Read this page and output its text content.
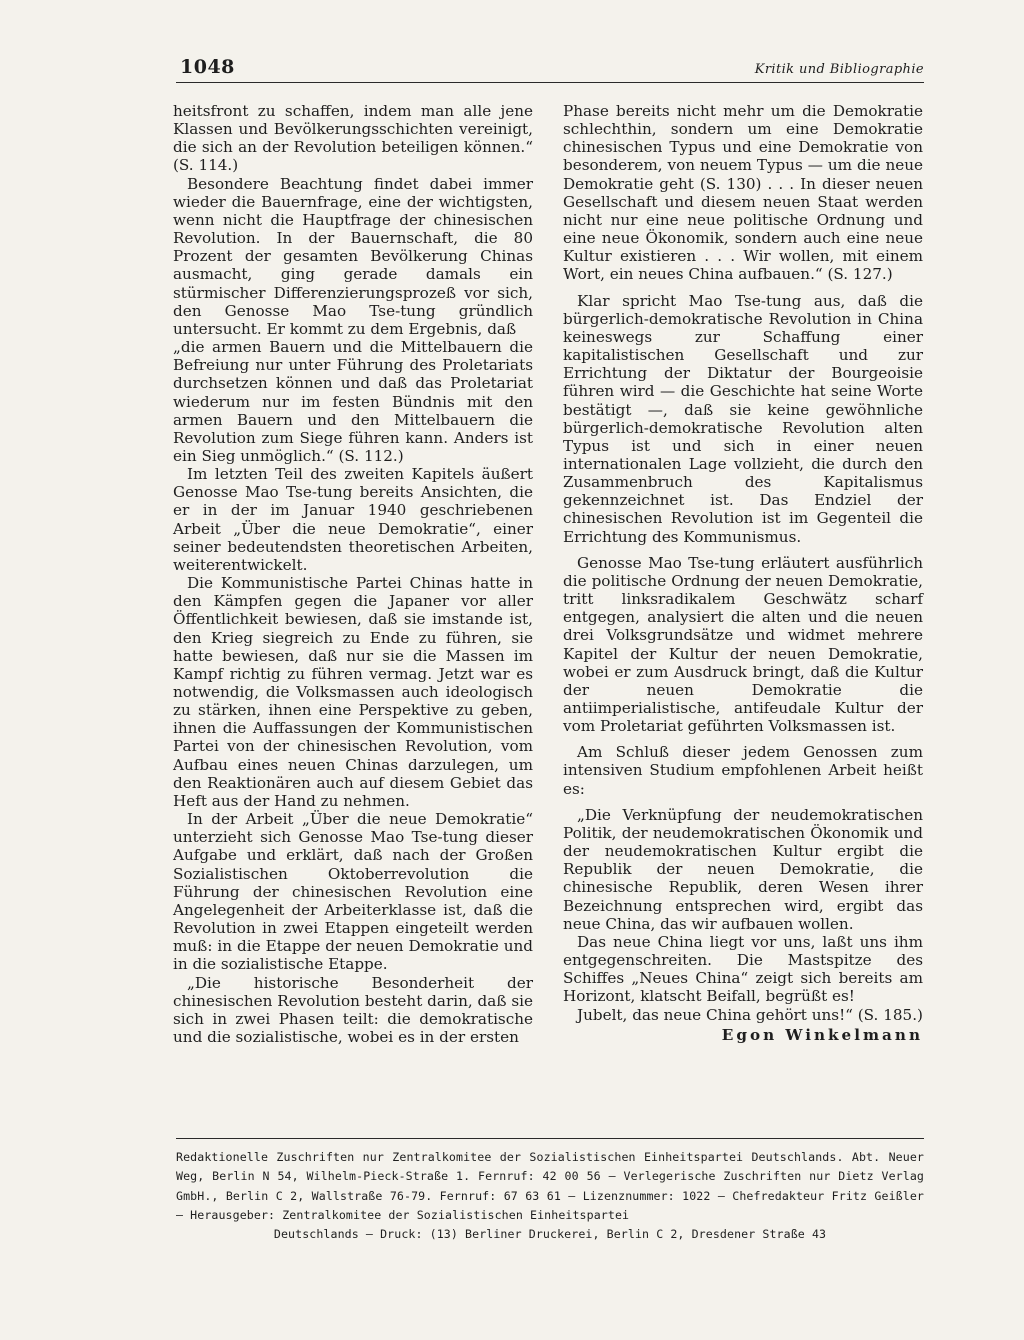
1048	Kritik und Bibliographie

heitsfront zu schaffen, indem man alle jene Klassen und Bevölkerungsschichten vereinigt, die sich an der Revolution beteiligen können.“ (S. 114.)

Besondere Beachtung findet dabei immer wieder die Bauernfrage, eine der wichtigsten, wenn nicht die Hauptfrage der chinesischen Revolution. In der Bauernschaft, die 80 Prozent der gesamten Bevölkerung Chinas ausmacht, ging gerade damals ein stürmischer Differenzierungsprozeß vor sich, den Genosse Mao Tse-tung gründlich untersucht. Er kommt zu dem Ergebnis, daß

„die armen Bauern und die Mittelbauern die Befreiung nur unter Führung des Proletariats durchsetzen können und daß das Proletariat wiederum nur im festen Bündnis mit den armen Bauern und den Mittelbauern die Revolution zum Siege führen kann. Anders ist ein Sieg unmöglich.“ (S. 112.)

Im letzten Teil des zweiten Kapitels äußert Genosse Mao Tse-tung bereits Ansichten, die er in der im Januar 1940 geschriebenen Arbeit „Über die neue Demokratie“, einer seiner bedeutendsten theoretischen Arbeiten, weiterentwickelt.

Die Kommunistische Partei Chinas hatte in den Kämpfen gegen die Japaner vor aller Öffentlichkeit bewiesen, daß sie imstande ist, den Krieg siegreich zu Ende zu führen, sie hatte bewiesen, daß nur sie die Massen im Kampf richtig zu führen vermag. Jetzt war es notwendig, die Volksmassen auch ideologisch zu stärken, ihnen eine Perspektive zu geben, ihnen die Auffassungen der Kommunistischen Partei von der chinesischen Revolution, vom Aufbau eines neuen Chinas darzulegen, um den Reaktionären auch auf diesem Gebiet das Heft aus der Hand zu nehmen.

In der Arbeit „Über die neue Demokratie“ unterzieht sich Genosse Mao Tse-tung dieser Aufgabe und erklärt, daß nach der Großen Sozialistischen Oktoberrevolution die Führung der chinesischen Revolution eine Angelegenheit der Arbeiterklasse ist, daß die Revolution in zwei Etappen eingeteilt werden muß: in die Etappe der neuen Demokratie und in die sozialistische Etappe.

„Die historische Besonderheit der chinesischen Revolution besteht darin, daß sie sich in zwei Phasen teilt: die demokratische und die sozialistische, wobei es in der ersten

Phase bereits nicht mehr um die Demokratie schlechthin, sondern um eine Demokratie chinesischen Typus und eine Demokratie von besonderem, von neuem Typus — um die neue Demokratie geht (S. 130) . . . In dieser neuen Gesellschaft und diesem neuen Staat werden nicht nur eine neue politische Ordnung und eine neue Ökonomik, sondern auch eine neue Kultur existieren . . . Wir wollen, mit einem Wort, ein neues China aufbauen.“ (S. 127.)

Klar spricht Mao Tse-tung aus, daß die bürgerlich-demokratische Revolution in China keineswegs zur Schaffung einer kapitalistischen Gesellschaft und zur Errichtung der Diktatur der Bourgeoisie führen wird — die Geschichte hat seine Worte bestätigt —, daß sie keine gewöhnliche bürgerlich-demokratische Revolution alten Typus ist und sich in einer neuen internationalen Lage vollzieht, die durch den Zusammenbruch des Kapitalismus gekennzeichnet ist. Das Endziel der chinesischen Revolution ist im Gegenteil die Errichtung des Kommunismus.

Genosse Mao Tse-tung erläutert ausführlich die politische Ordnung der neuen Demokratie, tritt linksradikalem Geschwätz scharf entgegen, analysiert die alten und die neuen drei Volksgrundsätze und widmet mehrere Kapitel der Kultur der neuen Demokratie, wobei er zum Ausdruck bringt, daß die Kultur der neuen Demokratie die antiimperialistische, antifeudale Kultur der vom Proletariat geführten Volksmassen ist.

Am Schluß dieser jedem Genossen zum intensiven Studium empfohlenen Arbeit heißt es:

„Die Verknüpfung der neudemokratischen Politik, der neudemokratischen Ökonomik und der neudemokratischen Kultur ergibt die Republik der neuen Demokratie, die chinesische Republik, deren Wesen ihrer Bezeichnung entsprechen wird, ergibt das neue China, das wir aufbauen wollen.

Das neue China liegt vor uns, laßt uns ihm entgegenschreiten. Die Mastspitze des Schiffes „Neues China“ zeigt sich bereits am Horizont, klatscht Beifall, begrüßt es!

Jubelt, das neue China gehört uns!“ (S. 185.)

Egon Winkelmann

Redaktionelle Zuschriften nur Zentralkomitee der Sozialistischen Einheitspartei Deutschlands. Abt. Neuer Weg, Berlin N 54, Wilhelm-Pieck-Straße 1. Fernruf: 42 00 56 — Verlegerische Zuschriften nur Dietz Verlag GmbH., Berlin C 2, Wallstraße 76-79. Fernruf: 67 63 61 — Lizenznummer: 1022 — Chefredakteur Fritz Geißler — Herausgeber: Zentralkomitee der Sozialistischen Einheitspartei
Deutschlands — Druck: (13) Berliner Druckerei, Berlin C 2, Dresdener Straße 43
